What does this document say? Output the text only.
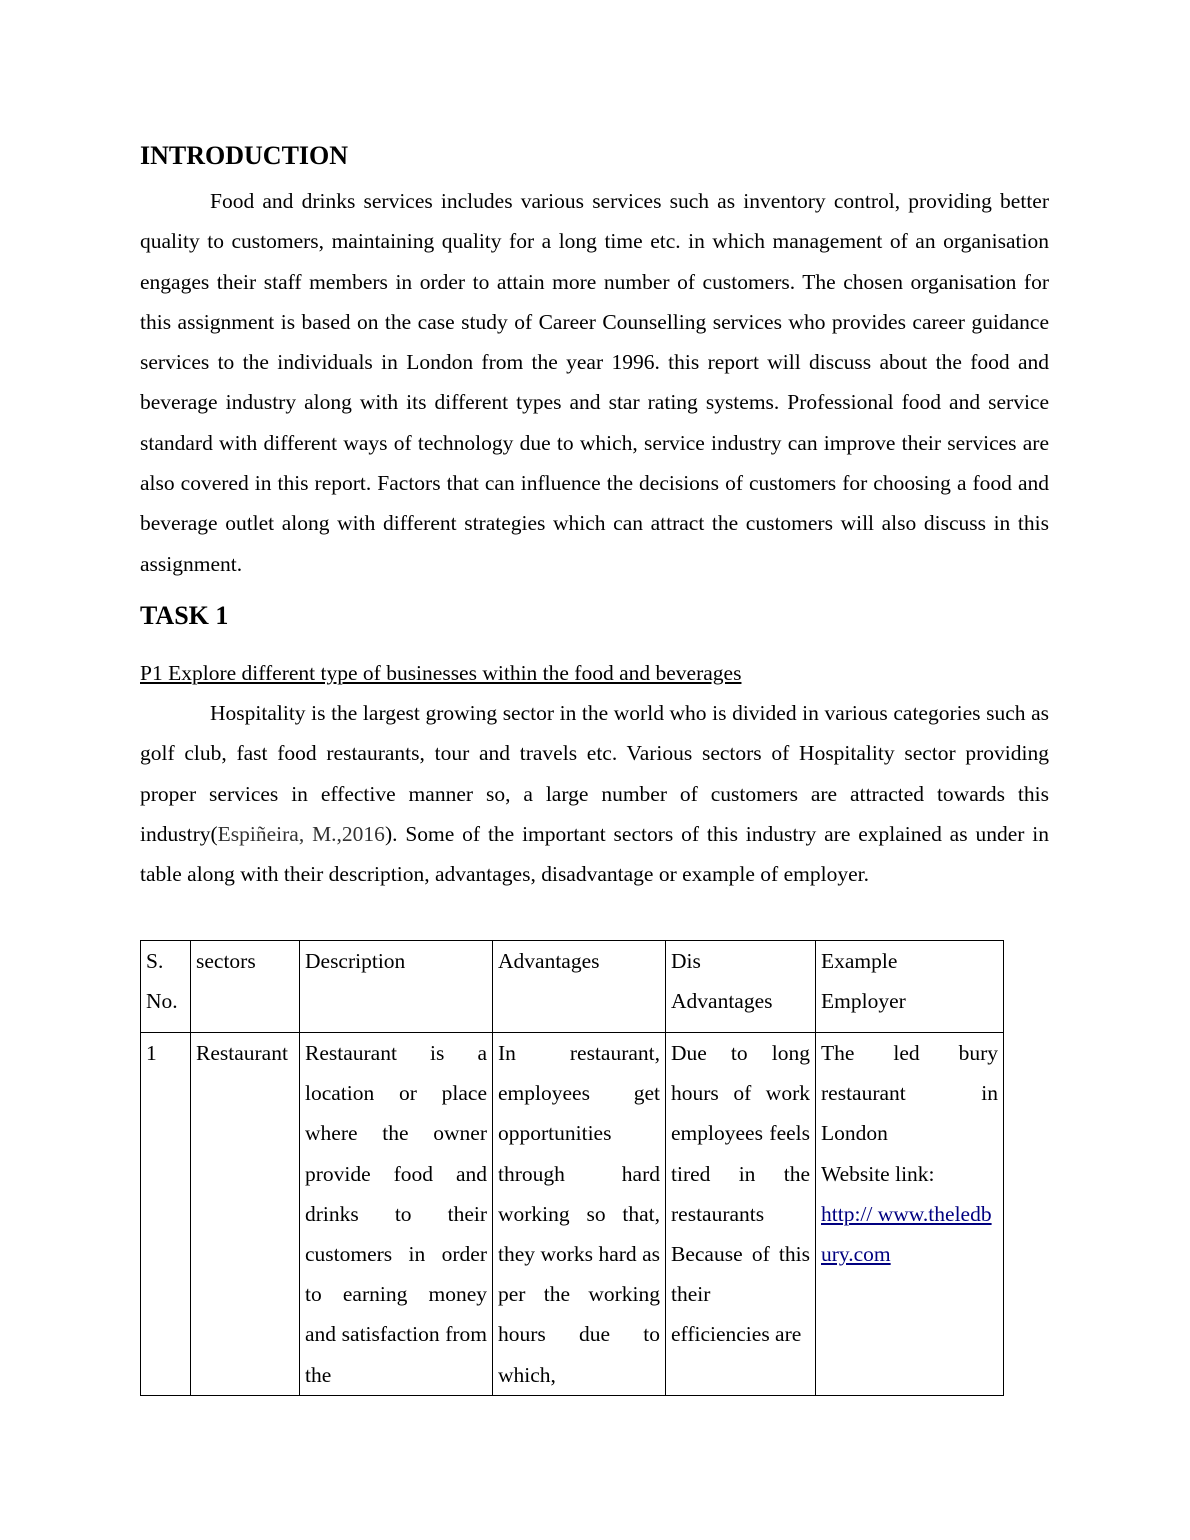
INTRODUCTION

Food and drinks services includes various services such as inventory control, providing better quality to customers, maintaining quality for a long time etc. in which management of an organisation engages their staff members in order to attain more number of customers. The chosen organisation for this assignment is based on the case study of Career Counselling services who provides career guidance services to the individuals in London from the year 1996. this report will discuss about the food and beverage industry along with its different types and star rating systems. Professional food and service standard with different ways of technology due to which, service industry can improve their services are also covered in this report. Factors that can influence the decisions of customers for choosing a food and beverage outlet along with different strategies which can attract the customers will also discuss in this assignment.

TASK 1

P1 Explore different type of businesses within the food and beverages

Hospitality is the largest growing sector in the world who is divided in various categories such as golf club, fast food restaurants, tour and travels etc. Various sectors of Hospitality sector providing proper services in effective manner so, a large number of customers are attracted towards this industry(Espiñeira, M.,2016). Some of the important sectors of this industry are explained as under in table along with their description, advantages, disadvantage or example of employer.

S. No.	sectors	Description	Advantages	Dis Advantages	Example Employer

1	Restaurant	Restaurant is a location or place where the owner provide food and drinks to their customers in order to earning money and satisfaction from the	In restaurant, employees get opportunities through hard working so that, they works hard as per the working hours due to which,	Due to long hours of work employees feels tired in the restaurants Because of this their efficiencies are	The led bury restaurant in London
Website link:
http:// www.theledbury.com
